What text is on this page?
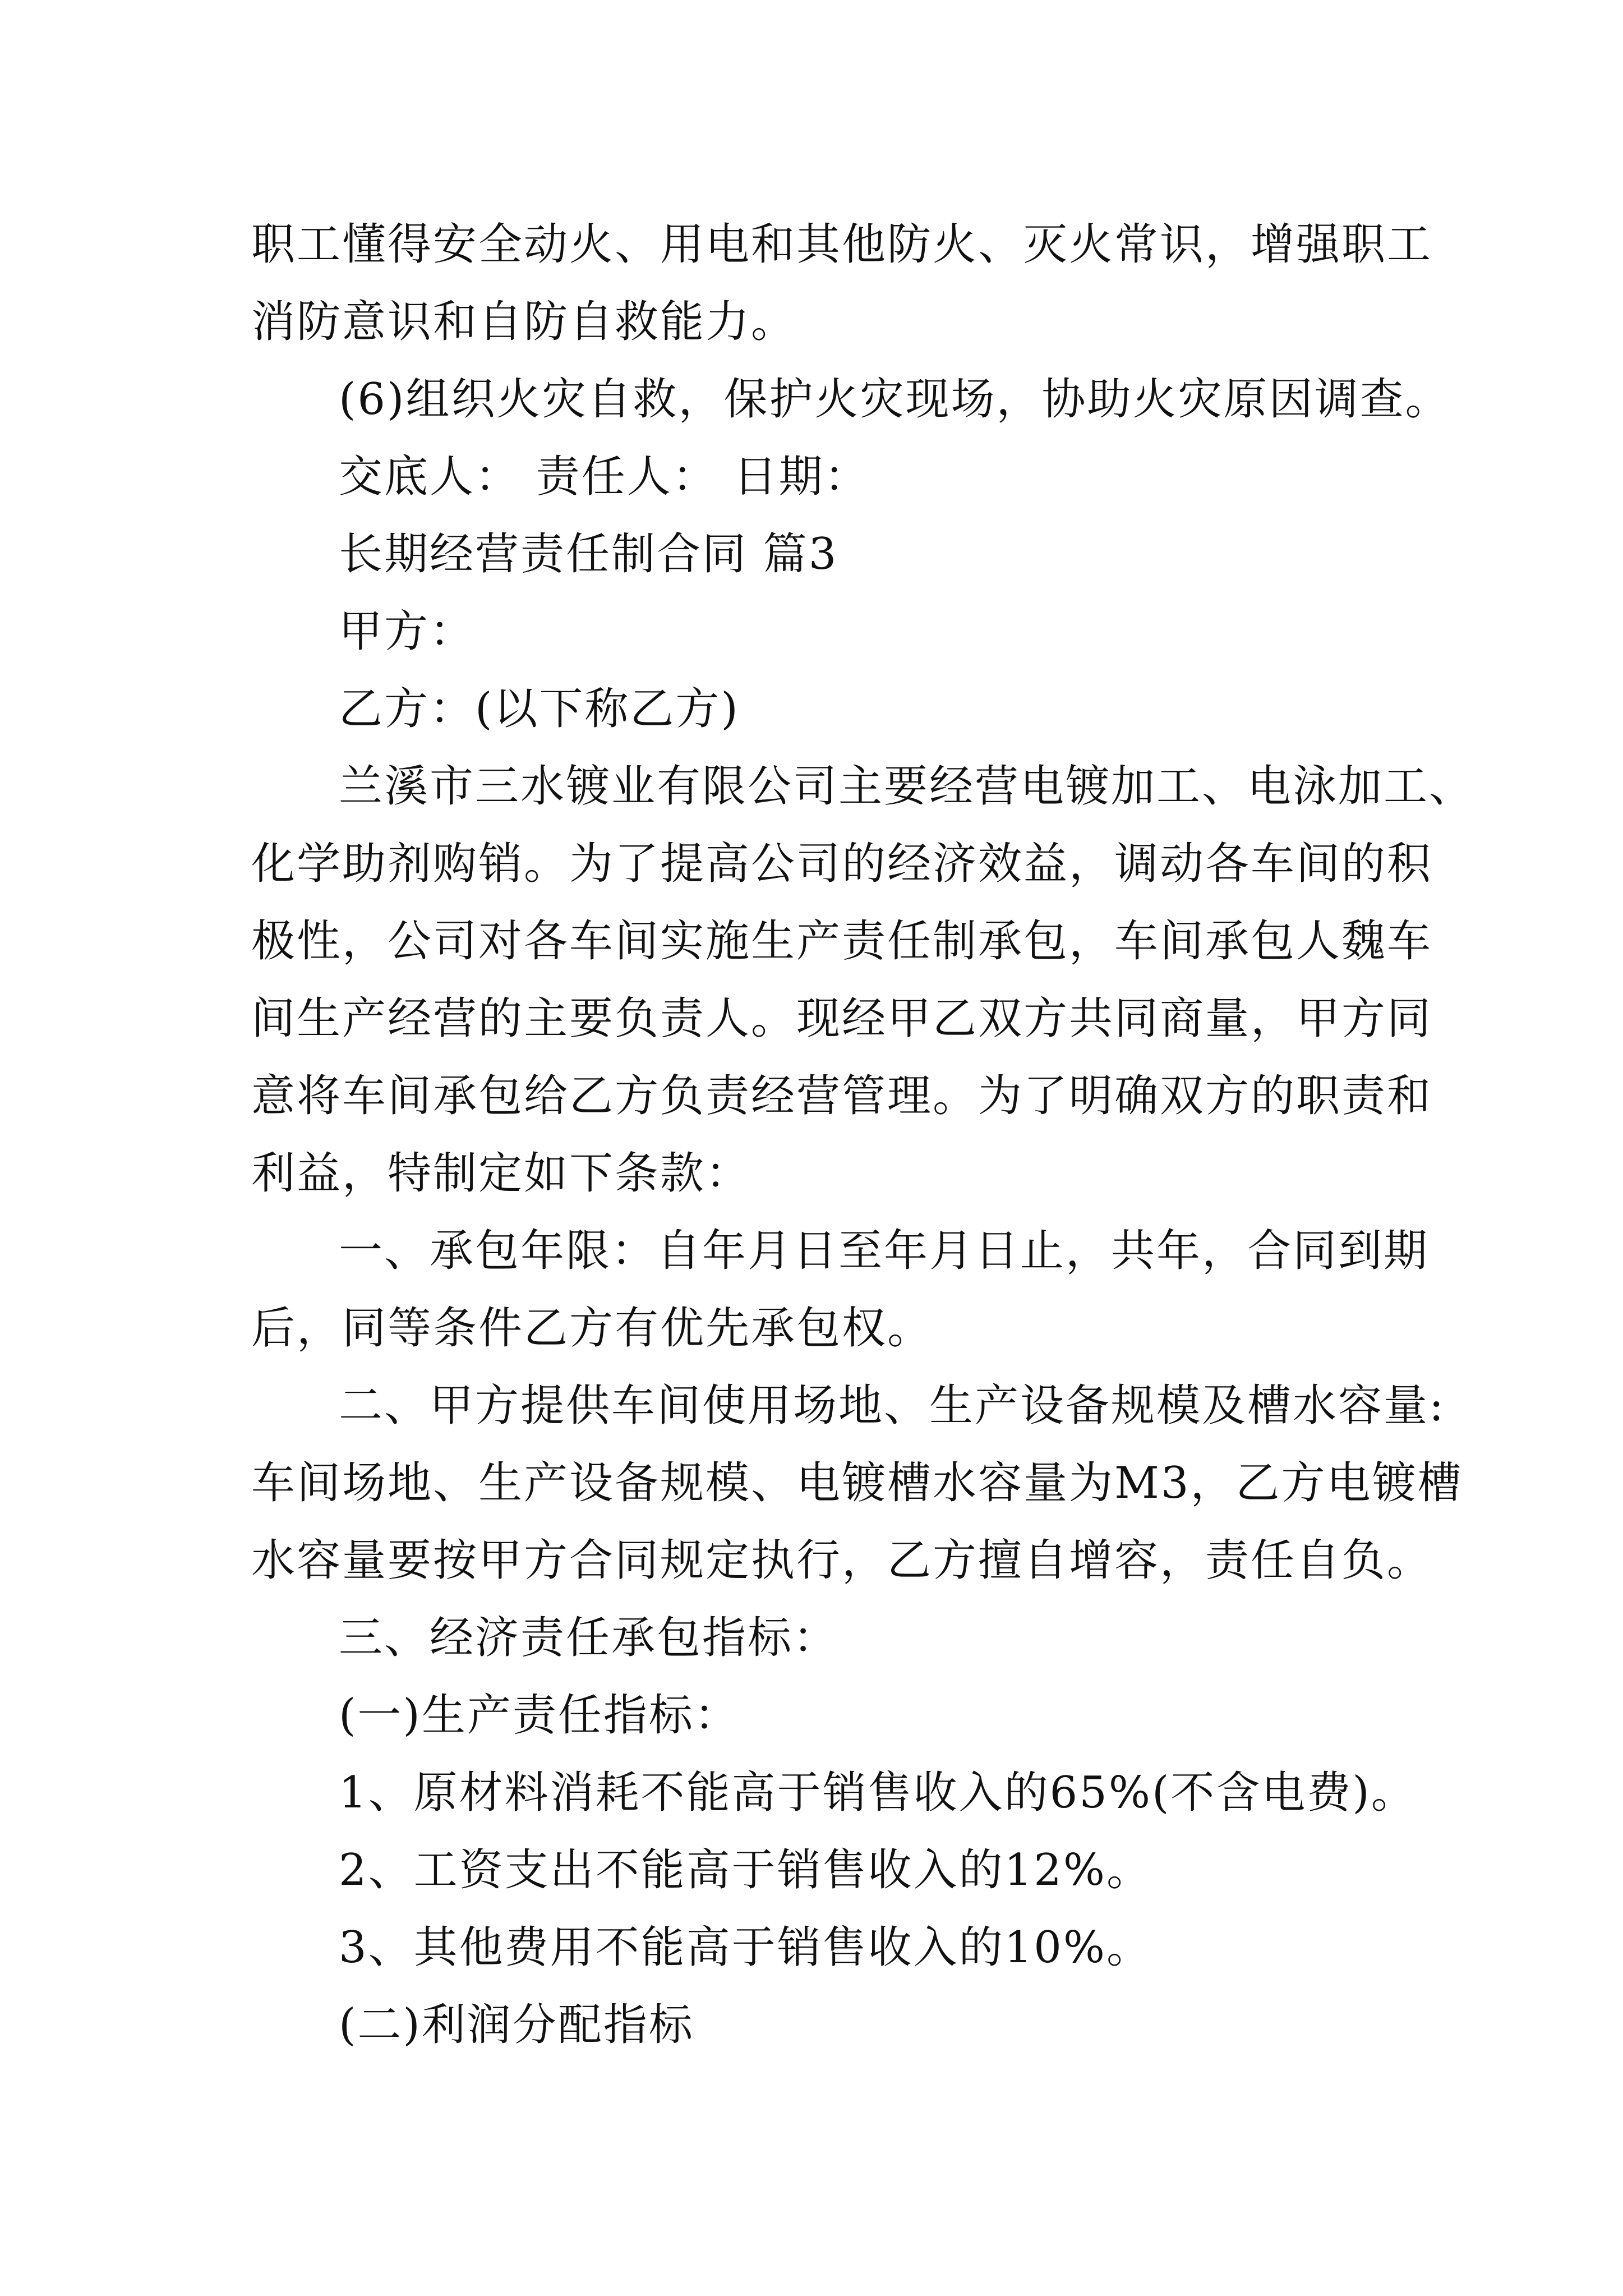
职工懂得安全动火、用电和其他防火、灭火常识，增强职工

消防意识和自防自救能力。

(6)组织火灾自救，保护火灾现场，协助火灾原因调查。

交底人： 责任人： 日期：

长期经营责任制合同 篇3

甲方：

乙方：(以下称乙方)

兰溪市三水镀业有限公司主要经营电镀加工、电泳加工、

化学助剂购销。为了提高公司的经济效益，调动各车间的积

极性，公司对各车间实施生产责任制承包，车间承包人魏车

间生产经营的主要负责人。现经甲乙双方共同商量，甲方同

意将车间承包给乙方负责经营管理。为了明确双方的职责和

利益，特制定如下条款：

一、承包年限：自年月日至年月日止，共年，合同到期

后，同等条件乙方有优先承包权。

二、甲方提供车间使用场地、生产设备规模及槽水容量:

车间场地、生产设备规模、电镀槽水容量为M3，乙方电镀槽

水容量要按甲方合同规定执行，乙方擅自增容，责任自负。

三、经济责任承包指标：

(一)生产责任指标：

1、原材料消耗不能高于销售收入的65%(不含电费)。

2、工资支出不能高于销售收入的12%。

3、其他费用不能高于销售收入的10%。

(二)利润分配指标
